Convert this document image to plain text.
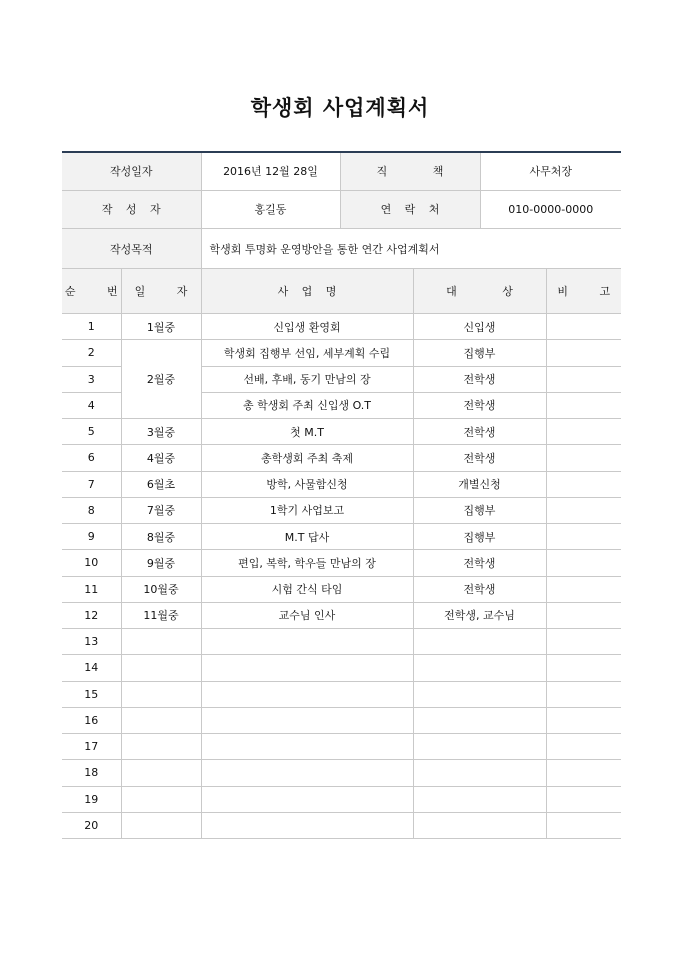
학생회 사업계획서
작성일자	2016년 12월 28일	직 책	사무처장
작 성 자	홍길동	연 락 처	010-0000-0000
작성목적	학생회 투명화 운영방안을 통한 연간 사업계획서		
순 번	일 자	사 업 명	대 상	비 고
1	1월중	신입생 환영회	신입생	
2	2월중	학생회 집행부 선임, 세부계획 수립	집행부	
3		선배, 후배, 동기 만남의 장	전학생	
4		총 학생회 주최 신입생 O.T	전학생	
5	3월중	첫 M.T	전학생	
6	4월중	총학생회 주최 축제	전학생	
7	6월초	방학, 사물함신청	개별신청	
8	7월중	1학기 사업보고	집행부	
9	8월중	M.T 답사	집행부	
10	9월중	편입, 복학, 학우들 만남의 장	전학생	
11	10월중	시험 간식 타임	전학생	
12	11월중	교수님 인사	전학생, 교수님	
13				
14				
15				
16				
17				
18				
19				
20				
